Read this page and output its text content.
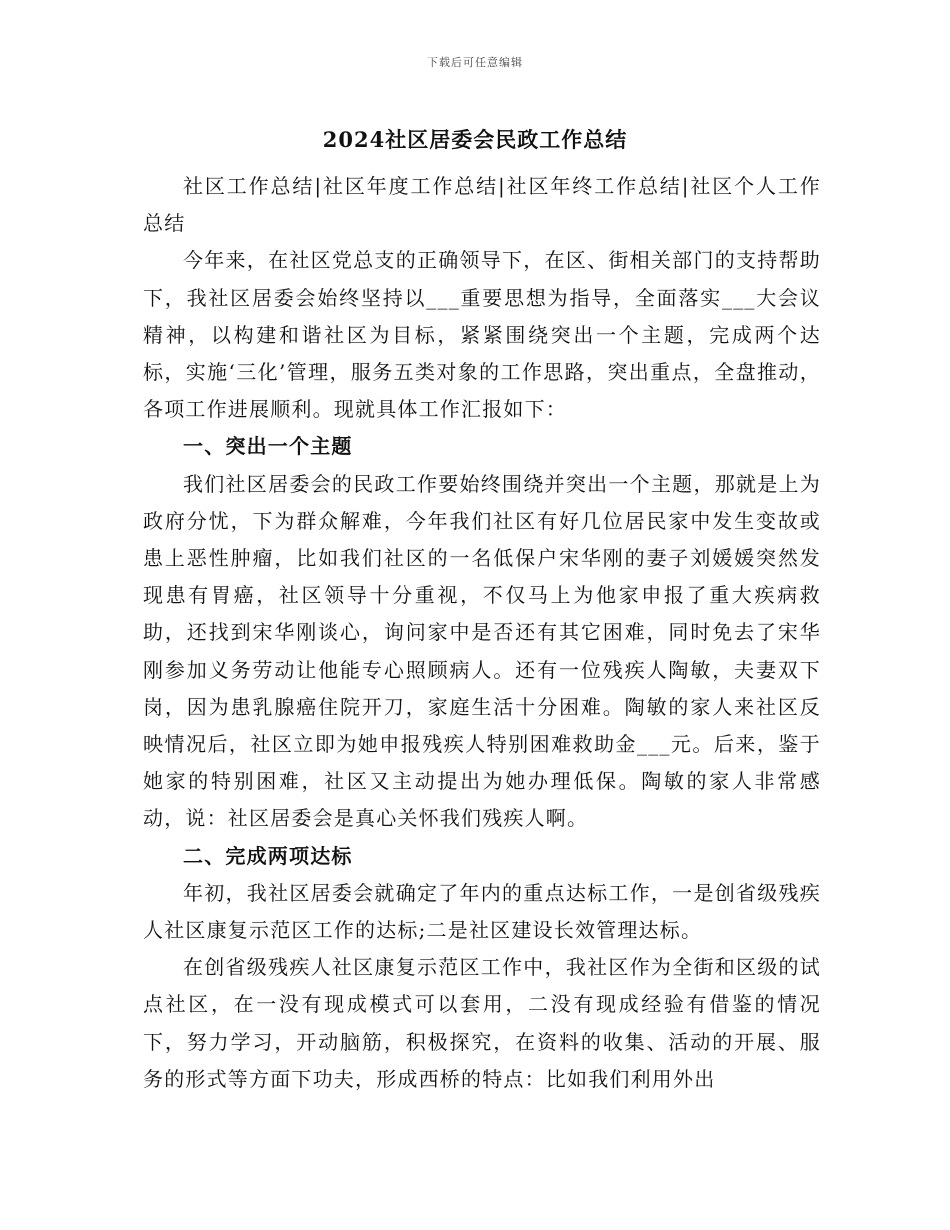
下载后可任意编辑
2024社区居委会民政工作总结

社区工作总结|社区年度工作总结|社区年终工作总结|社区个人工作总结

今年来，在社区党总支的正确领导下，在区、街相关部门的支持帮助下，我社区居委会始终坚持以___重要思想为指导，全面落实___大会议精神，以构建和谐社区为目标，紧紧围绕突出一个主题，完成两个达标，实施‘三化’管理，服务五类对象的工作思路，突出重点，全盘推动，各项工作进展顺利。现就具体工作汇报如下：

一、突出一个主题

我们社区居委会的民政工作要始终围绕并突出一个主题，那就是上为政府分忧，下为群众解难，今年我们社区有好几位居民家中发生变故或患上恶性肿瘤，比如我们社区的一名低保户宋华刚的妻子刘媛媛突然发现患有胃癌，社区领导十分重视，不仅马上为他家申报了重大疾病救助，还找到宋华刚谈心，询问家中是否还有其它困难，同时免去了宋华刚参加义务劳动让他能专心照顾病人。还有一位残疾人陶敏，夫妻双下岗，因为患乳腺癌住院开刀，家庭生活十分困难。陶敏的家人来社区反映情况后，社区立即为她申报残疾人特别困难救助金___元。后来，鉴于她家的特别困难，社区又主动提出为她办理低保。陶敏的家人非常感动，说：社区居委会是真心关怀我们残疾人啊。

二、完成两项达标

年初，我社区居委会就确定了年内的重点达标工作，一是创省级残疾人社区康复示范区工作的达标;二是社区建设长效管理达标。

在创省级残疾人社区康复示范区工作中，我社区作为全街和区级的试点社区，在一没有现成模式可以套用，二没有现成经验有借鉴的情况下，努力学习，开动脑筋，积极探究，在资料的收集、活动的开展、服务的形式等方面下功夫，形成西桥的特点：比如我们利用外出
